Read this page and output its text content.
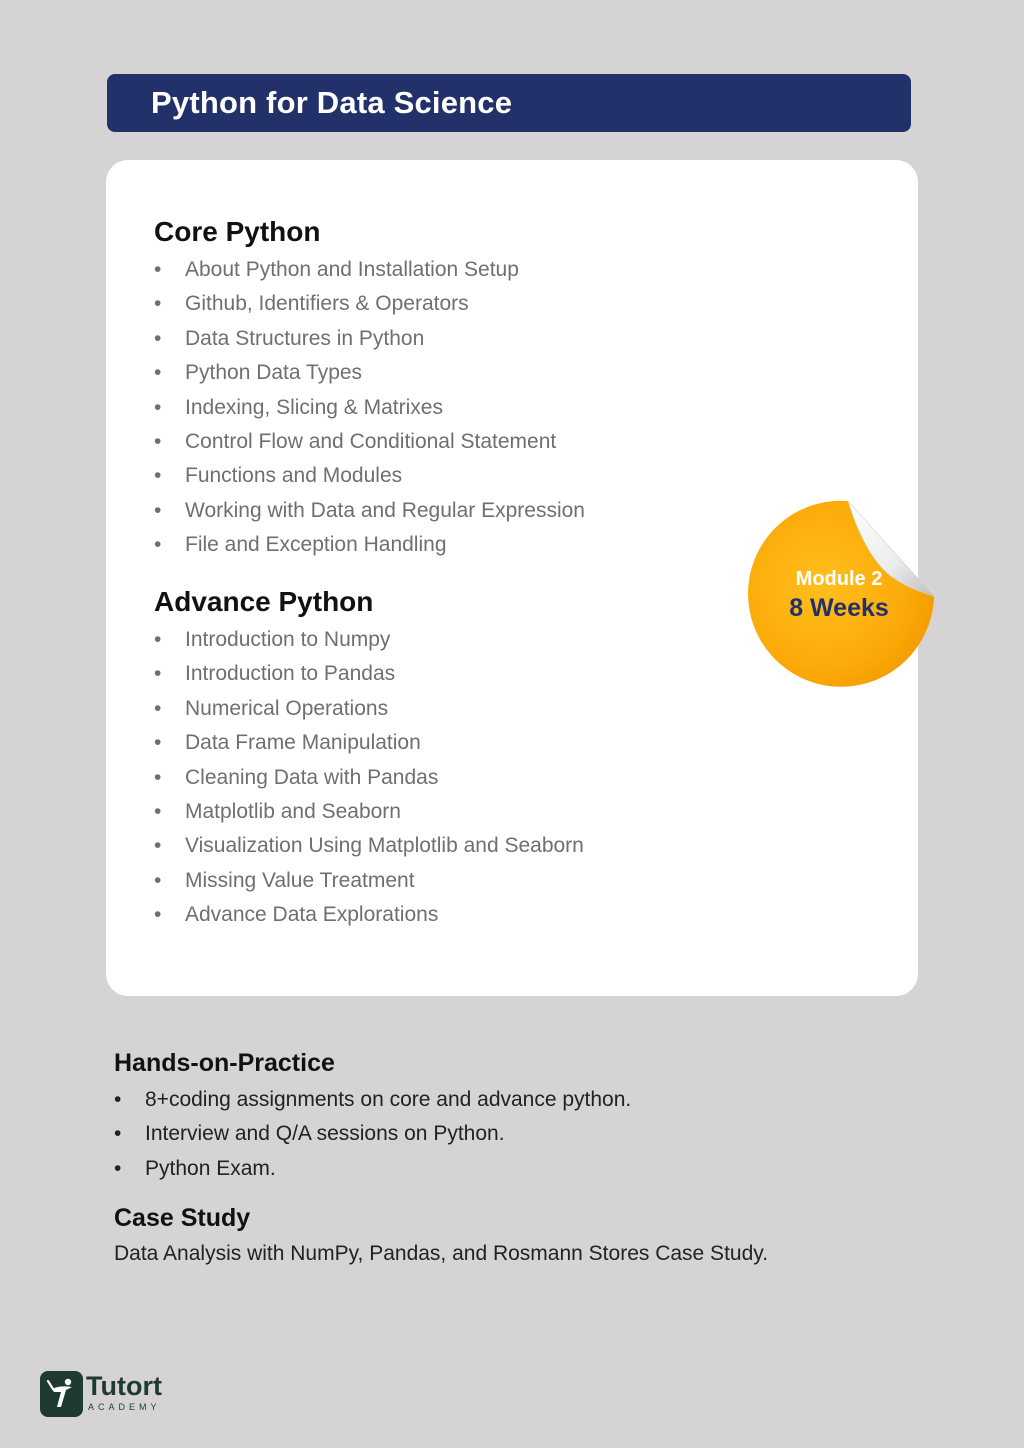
Python for Data Science
Core Python
• About Python and Installation Setup
• Github, Identifiers & Operators
• Data Structures in Python
• Python Data Types
• Indexing, Slicing & Matrixes
• Control Flow and Conditional Statement
• Functions and Modules
• Working with Data and Regular Expression
• File and Exception Handling
Advance Python
• Introduction to Numpy
• Introduction to Pandas
• Numerical Operations
• Data Frame Manipulation
• Cleaning Data with Pandas
• Matplotlib and Seaborn
• Visualization Using Matplotlib and Seaborn
• Missing Value Treatment
• Advance Data Explorations
Module 2
8 Weeks
Hands-on-Practice
• 8+coding assignments on core and advance python.
• Interview and Q/A sessions on Python.
• Python Exam.
Case Study
Data Analysis with NumPy, Pandas, and Rosmann Stores Case Study.
Tutort
ACADEMY
